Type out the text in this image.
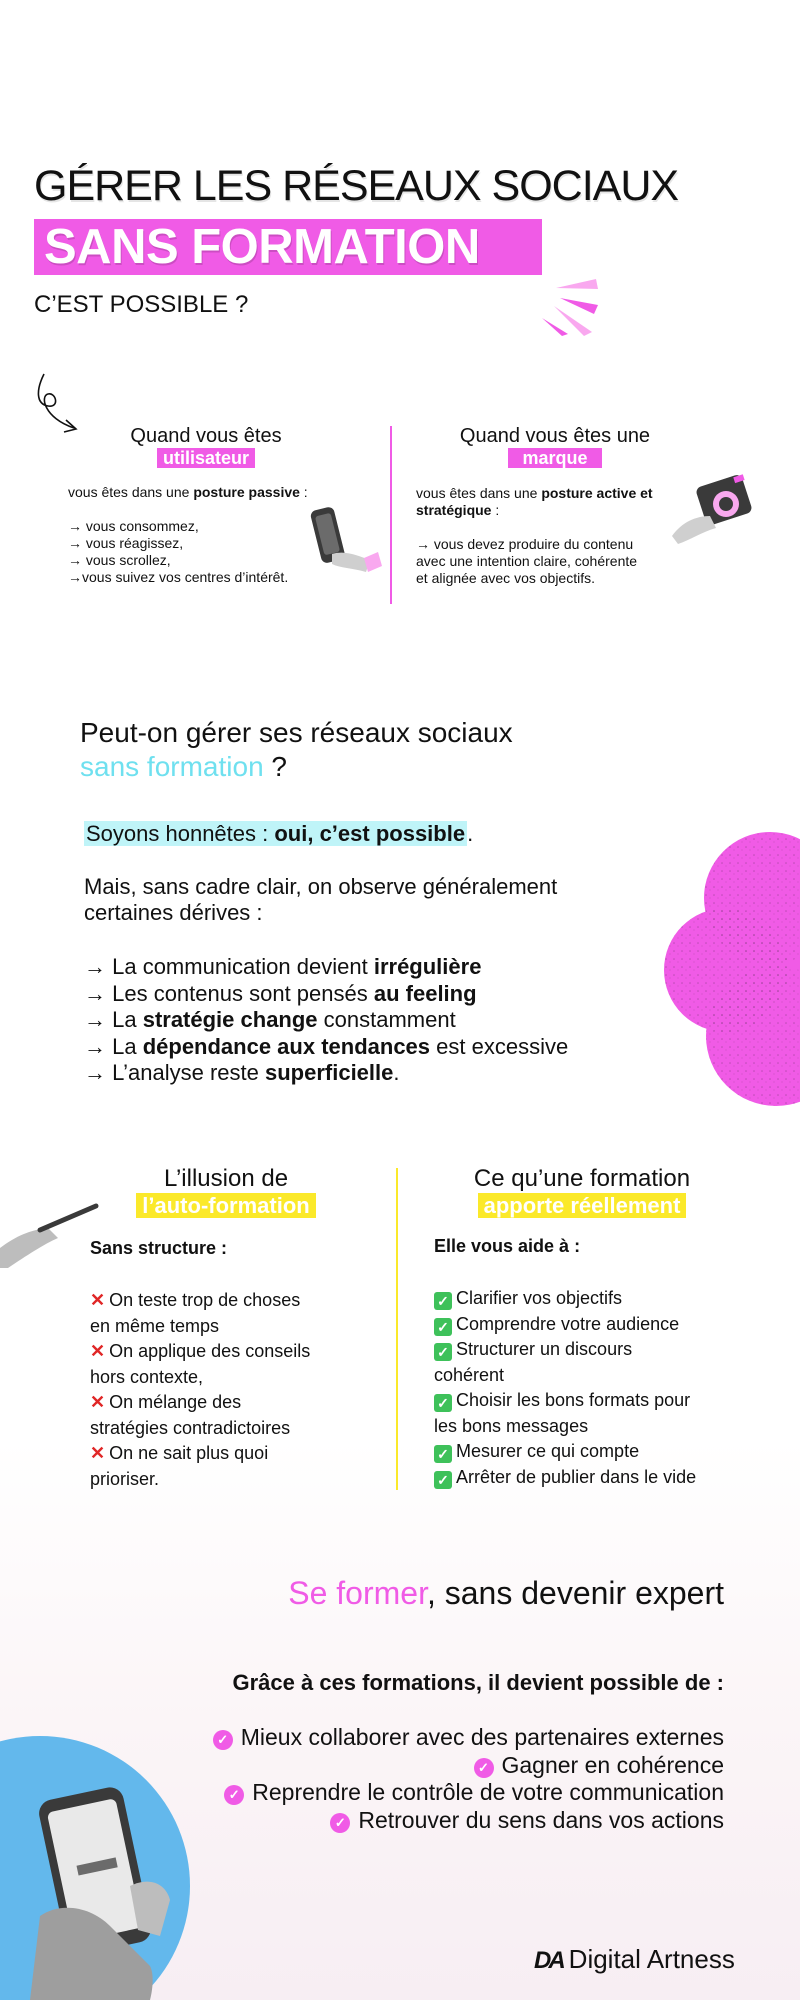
GÉRER LES RÉSEAUX SOCIAUX
SANS FORMATION
C’EST POSSIBLE ?
Quand vous êtes
utilisateur
vous êtes dans une posture passive :
→ vous consommez,
→ vous réagissez,
→ vous scrollez,
→vous suivez vos centres d’intérêt.
Quand vous êtes une
marque
vous êtes dans une posture active et
stratégique :
→ vous devez produire du contenu
avec une intention claire, cohérente
et alignée avec vos objectifs.
Peut-on gérer ses réseaux sociaux
sans formation ?
Soyons honnêtes : oui, c’est possible.
Mais, sans cadre clair, on observe généralement
certaines dérives :
→ La communication devient irrégulière
→ Les contenus sont pensés au feeling
→ La stratégie change constamment
→ La dépendance aux tendances est excessive
→ L’analyse reste superficielle.
L’illusion de
l’auto-formation
Sans structure :
✕ On teste trop de choses
en même temps
✕ On applique des conseils
hors contexte,
✕ On mélange des
stratégies contradictoires
✕ On ne sait plus quoi
prioriser.
Ce qu’une formation
apporte réellement
Elle vous aide à :
✓ Clarifier vos objectifs
✓ Comprendre votre audience
✓ Structurer un discours
cohérent
✓ Choisir les bons formats pour
les bons messages
✓ Mesurer ce qui compte
✓ Arrêter de publier dans le vide
Se former, sans devenir expert
Grâce à ces formations, il devient possible de :
✓ Mieux collaborer avec des partenaires externes
✓ Gagner en cohérence
✓ Reprendre le contrôle de votre communication
✓ Retrouver du sens dans vos actions
DA Digital Artness
